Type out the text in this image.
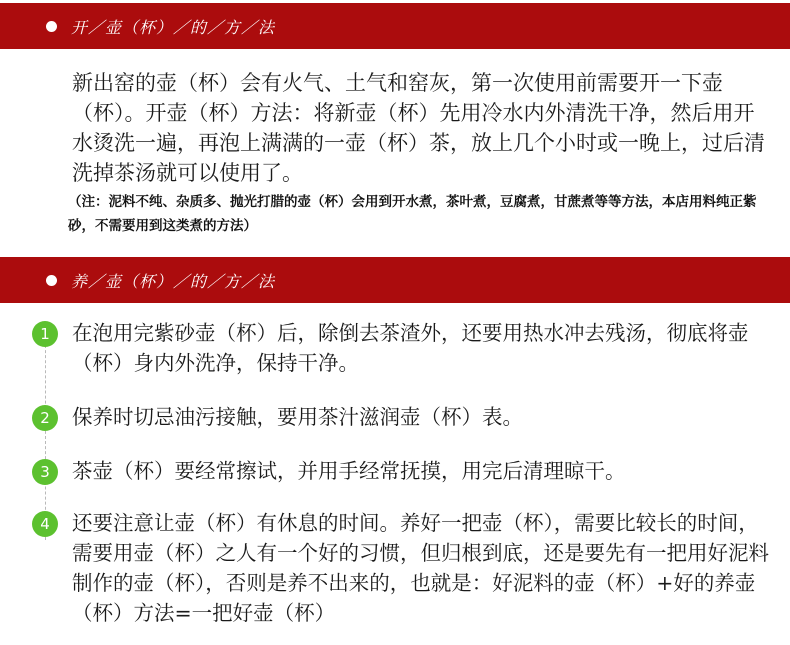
开／壶（杯）／的／方／法
新出窑的壶（杯）会有火气、土气和窑灰，第一次使用前需要开一下壶（杯）。开壶（杯）方法：将新壶（杯）先用冷水内外清洗干净，然后用开水烫洗一遍，再泡上满满的一壶（杯）茶，放上几个小时或一晚上，过后清洗掉茶汤就可以使用了。
（注：泥料不纯、杂质多、抛光打腊的壶（杯）会用到开水煮，茶叶煮，豆腐煮，甘蔗煮等等方法，本店用料纯正紫砂，不需要用到这类煮的方法）
养／壶（杯）／的／方／法
1	在泡用完紫砂壶（杯）后，除倒去茶渣外，还要用热水冲去残汤，彻底将壶（杯）身内外洗净，保持干净。
2	保养时切忌油污接触，要用茶汁滋润壶（杯）表。
3	茶壶（杯）要经常擦试，并用手经常抚摸，用完后清理晾干。
4	还要注意让壶（杯）有休息的时间。养好一把壶（杯），需要比较长的时间，需要用壶（杯）之人有一个好的习惯，但归根到底，还是要先有一把用好泥料制作的壶（杯），否则是养不出来的，也就是：好泥料的壶（杯）+好的养壶（杯）方法=一把好壶（杯）
